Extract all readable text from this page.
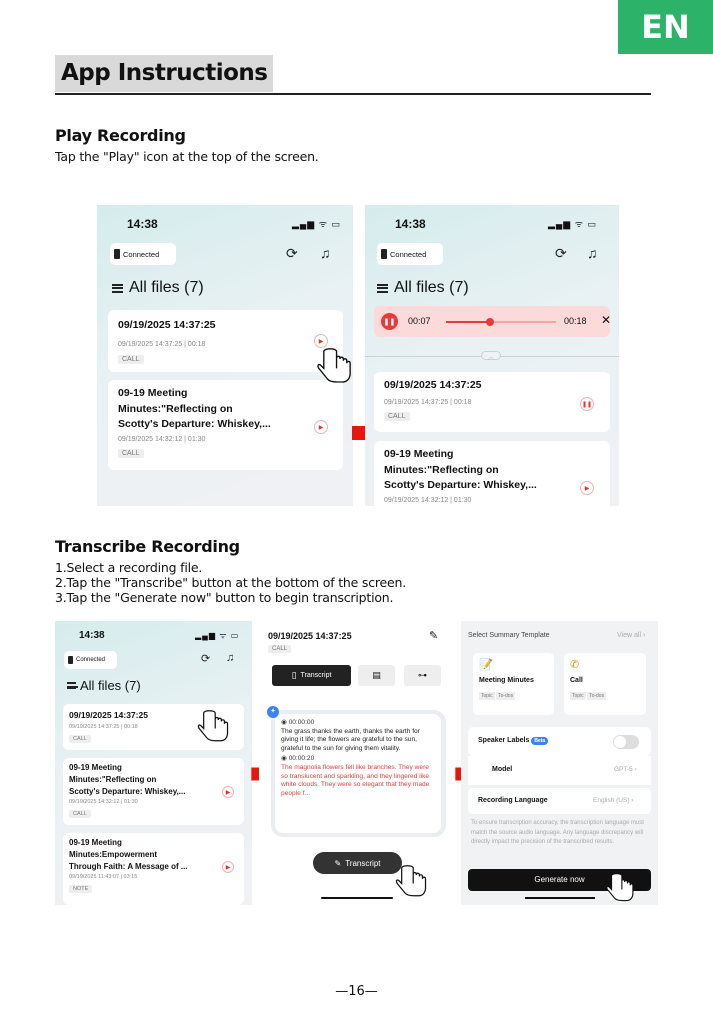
EN
App Instructions
Play Recording
Tap the "Play" icon at the top of the screen.
14:38	▂▄▆ ᯤ ▭
Connected	⟳ ♫
All files (7)
09/19/2025 14:37:25
09/19/2025 14:37:25 | 00:18
CALL
▶
09-19 Meeting
Minutes:"Reflecting on
Scotty's Departure: Whiskey,...
09/19/2025 14:32:12 | 01:30
CALL
▶
14:38	▂▄▆ ᯤ ▭
Connected	⟳ ♫
All files (7)
❚❚ 00:07	00:18 ✕
︿
09/19/2025 14:37:25
09/19/2025 14:37:25 | 00:18
CALL
❚❚
09-19 Meeting
Minutes:"Reflecting on
Scotty's Departure: Whiskey,...
09/19/2025 14:32:12 | 01:30
▶
Transcribe Recording
1.Select a recording file.
2.Tap the "Transcribe" button at the bottom of the screen.
3.Tap the "Generate now" button to begin transcription.
14:38	▂▄▆ ᯤ ▭
Connected	⟳ ♫
All files (7)
09/19/2025 14:37:25
09/19/2025 14:37:25 | 00:18
CALL
09-19 Meeting
Minutes:"Reflecting on
Scotty's Departure: Whiskey,...
09/19/2025 14:32:12 | 01:30
CALL
▶
09-19 Meeting
Minutes:Empowerment
Through Faith: A Message of ...
09/19/2025 11:43:07 | 03:15
NOTE
▶
09/19/2025 14:37:25	✎
CALL
▯ Transcript	▤	⊶
✦
◉ 00:00:00
The grass thanks the earth, thanks the earth for giving it life; the flowers are grateful to the sun, grateful to the sun for giving them vitality.
◉ 00:00:20
The magnolia flowers fell like branches. They were so translucent and sparkling, and they lingered like white clouds. They were so elegant that they made people f...
✎ Transcript
Select Summary Template	View all ›
📝
Meeting Minutes
Topic To-dos
✆
Call
Topic To-dos
Speaker Labels Beta
Model	GPT-5 ›
Recording Language	English (US) ›
To ensure transcription accuracy, the transcription language must match the source audio language. Any language discrepancy will directly impact the precision of the transcribed results.
Generate now
—16—
